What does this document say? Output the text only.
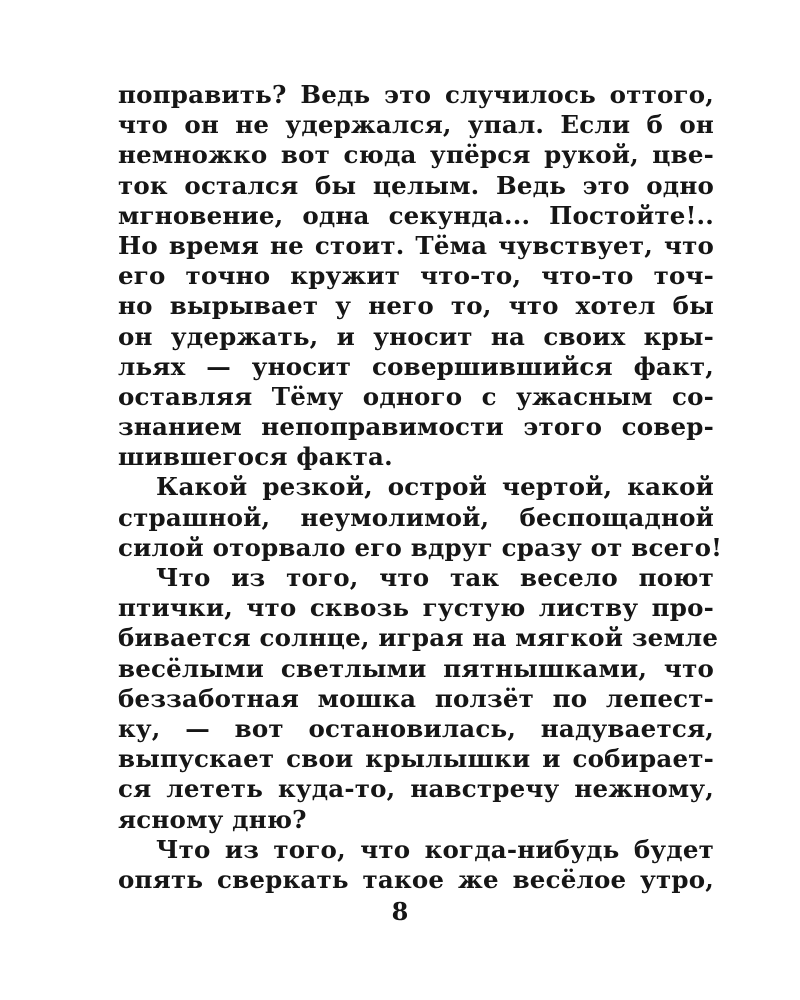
поправить? Ведь это случилось оттого,
что он не удержался, упал. Если б он
немножко вот сюда упёрся рукой, цве-
ток остался бы целым. Ведь это одно
мгновение, одна секунда... Постойте!..
Но время не стоит. Тёма чувствует, что
его точно кружит что-то, что-то точ-
но вырывает у него то, что хотел бы
он удержать, и уносит на своих кры-
льях — уносит совершившийся факт,
оставляя Тёму одного с ужасным со-
знанием непоправимости этого совер-
шившегося факта.
Какой резкой, острой чертой, какой
страшной, неумолимой, беспощадной
силой оторвало его вдруг сразу от всего!
Что из того, что так весело поют
птички, что сквозь густую листву про-
бивается солнце, играя на мягкой земле
весёлыми светлыми пятнышками, что
беззаботная мошка ползёт по лепест-
ку, — вот остановилась, надувается,
выпускает свои крылышки и собирает-
ся лететь куда-то, навстречу нежному,
ясному дню?
Что из того, что когда-нибудь будет
опять сверкать такое же весёлое утро,
8
